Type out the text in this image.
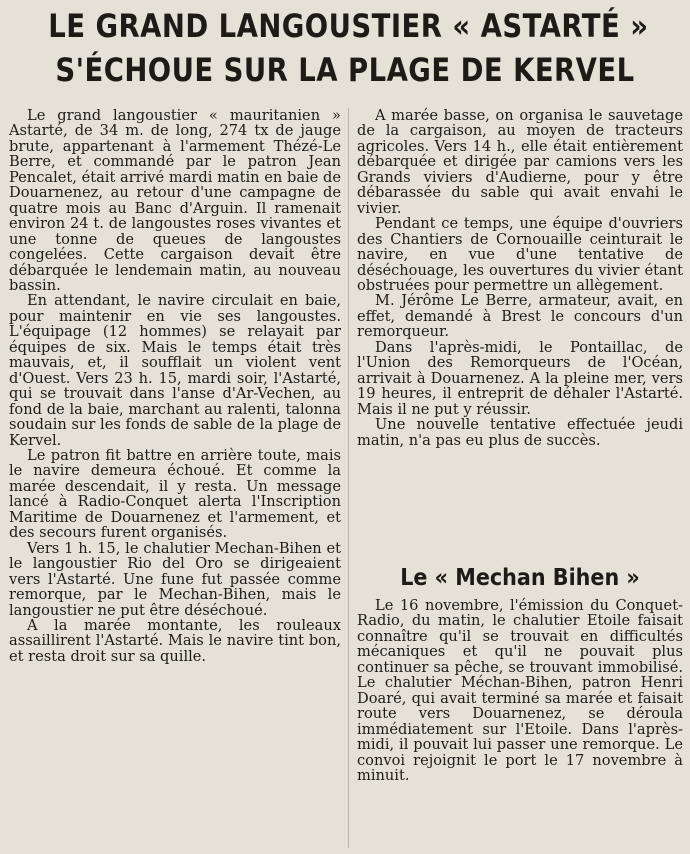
LE GRAND LANGOUSTIER « ASTARTÉ »
S'ÉCHOUE SUR LA PLAGE DE KERVEL

Le grand langoustier « mauritanien » Astarté, de 34 m. de long, 274 tx de jauge brute, appartenant à l'armement Thézé-Le Berre, et commandé par le patron Jean Pencalet, était arrivé mardi matin en baie de Douarnenez, au retour d'une campagne de quatre mois au Banc d'Arguin. Il ramenait environ 24 t. de langoustes roses vivantes et une tonne de queues de langoustes congelées. Cette cargaison devait être débarquée le lendemain matin, au nouveau bassin.

En attendant, le navire circulait en baie, pour maintenir en vie ses langoustes. L'équipage (12 hommes) se relayait par équipes de six. Mais le temps était très mauvais, et, il soufflait un violent vent d'Ouest. Vers 23 h. 15, mardi soir, l'Astarté, qui se trouvait dans l'anse d'Ar-Vechen, au fond de la baie, marchant au ralenti, talonna soudain sur les fonds de sable de la plage de Kervel.

Le patron fit battre en arrière toute, mais le navire demeura échoué. Et comme la marée descendait, il y resta. Un message lancé à Radio-Conquet alerta l'Inscription Maritime de Douarnenez et l'armement, et des secours furent organisés.

Vers 1 h. 15, le chalutier Mechan-Bihen et le langoustier Rio del Oro se dirigeaient vers l'Astarté. Une fune fut passée comme remorque, par le Mechan-Bihen, mais le langoustier ne put être déséchoué.

A la marée montante, les rouleaux assaillirent l'Astarté. Mais le navire tint bon, et resta droit sur sa quille.

A marée basse, on organisa le sauvetage de la cargaison, au moyen de tracteurs agricoles. Vers 14 h., elle était entièrement débarquée et dirigée par camions vers les Grands viviers d'Audierne, pour y être débarassée du sable qui avait envahi le vivier.

Pendant ce temps, une équipe d'ouvriers des Chantiers de Cornouaille ceinturait le navire, en vue d'une tentative de déséchouage, les ouvertures du vivier étant obstruées pour permettre un allègement.

M. Jérôme Le Berre, armateur, avait, en effet, demandé à Brest le concours d'un remorqueur.

Dans l'après-midi, le Pontaillac, de l'Union des Remorqueurs de l'Océan, arrivait à Douarnenez. A la pleine mer, vers 19 heures, il entreprit de déhaler l'Astarté. Mais il ne put y réussir.

Une nouvelle tentative effectuée jeudi matin, n'a pas eu plus de succès.

Le « Mechan Bihen »

Le 16 novembre, l'émission du Conquet-Radio, du matin, le chalutier Etoile faisait connaître qu'il se trouvait en difficultés mécaniques et qu'il ne pouvait plus continuer sa pêche, se trouvant immobilisé. Le chalutier Méchan-Bihen, patron Henri Doaré, qui avait terminé sa marée et faisait route vers Douarnenez, se déroula immédiatement sur l'Etoile. Dans l'après-midi, il pouvait lui passer une remorque. Le convoi rejoignit le port le 17 novembre à minuit.
